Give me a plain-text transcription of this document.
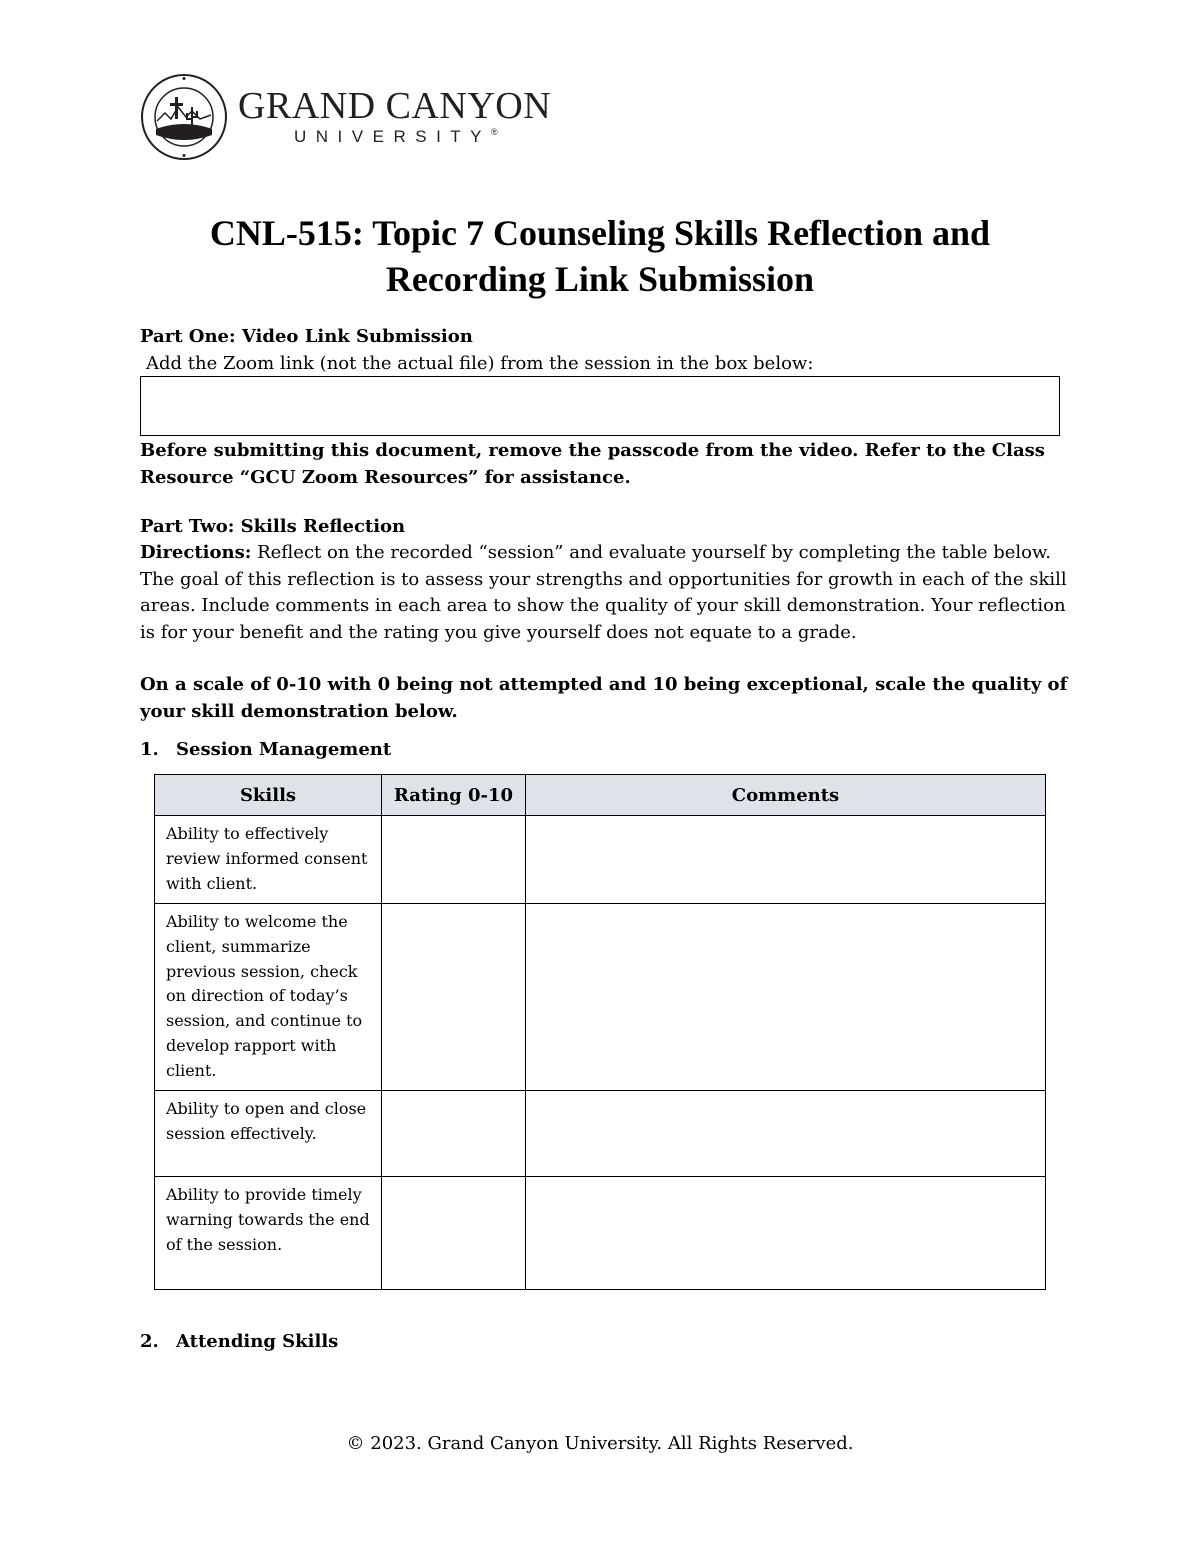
GRAND CANYON
UNIVERSITY®
CNL-515: Topic 7 Counseling Skills Reflection and
Recording Link Submission
Part One: Video Link Submission
Add the Zoom link (not the actual file) from the session in the box below:
Before submitting this document, remove the passcode from the video. Refer to the Class
Resource “GCU Zoom Resources” for assistance.
Part Two: Skills Reflection
Directions: Reflect on the recorded “session” and evaluate yourself by completing the table below. The goal of this reflection is to assess your strengths and opportunities for growth in each of the skill areas. Include comments in each area to show the quality of your skill demonstration. Your reflection is for your benefit and the rating you give yourself does not equate to a grade.
On a scale of 0-10 with 0 being not attempted and 10 being exceptional, scale the quality of
your skill demonstration below.
1. Session Management
Skills	Rating 0-10	Comments
Ability to effectively review informed consent with client.		
Ability to welcome the client, summarize previous session, check on direction of today’s session, and continue to develop rapport with client.		
Ability to open and close session effectively.		
Ability to provide timely warning towards the end of the session.		
2. Attending Skills
© 2023. Grand Canyon University. All Rights Reserved.
